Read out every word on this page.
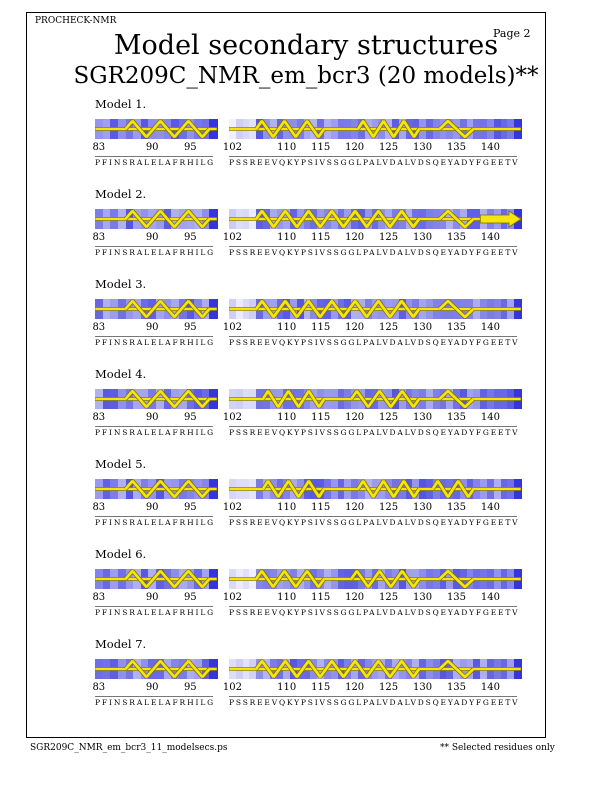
PROCHECK-NMR
Page 2
Model secondary structures
SGR209C_NMR_em_bcr3 (20 models)**
SGR209C_NMR_em_bcr3_11_modelsecs.ps	** Selected residues only
Model 1.
83	90	95
PFINSRALELAFRHILG
102	110 115 120 125 130 135 140
PSSREEVQKYPSIVSSGGLPALVDALVDSQEYADYFGEETV
Model 2.
83	90	95
PFINSRALELAFRHILG
102	110 115 120 125 130 135 140
PSSREEVQKYPSIVSSGGLPALVDALVDSQEYADYFGEETV
Model 3.
83	90	95
PFINSRALELAFRHILG
102	110 115 120 125 130 135 140
PSSREEVQKYPSIVSSGGLPALVDALVDSQEYADYFGEETV
Model 4.
83	90	95
PFINSRALELAFRHILG
102	110 115 120 125 130 135 140
PSSREEVQKYPSIVSSGGLPALVDALVDSQEYADYFGEETV
Model 5.
83	90	95
PFINSRALELAFRHILG
102	110 115 120 125 130 135 140
PSSREEVQKYPSIVSSGGLPALVDALVDSQEYADYFGEETV
Model 6.
83	90	95
PFINSRALELAFRHILG
102	110 115 120 125 130 135 140
PSSREEVQKYPSIVSSGGLPALVDALVDSQEYADYFGEETV
Model 7.
83	90	95
PFINSRALELAFRHILG
102	110 115 120 125 130 135 140
PSSREEVQKYPSIVSSGGLPALVDALVDSQEYADYFGEETV
